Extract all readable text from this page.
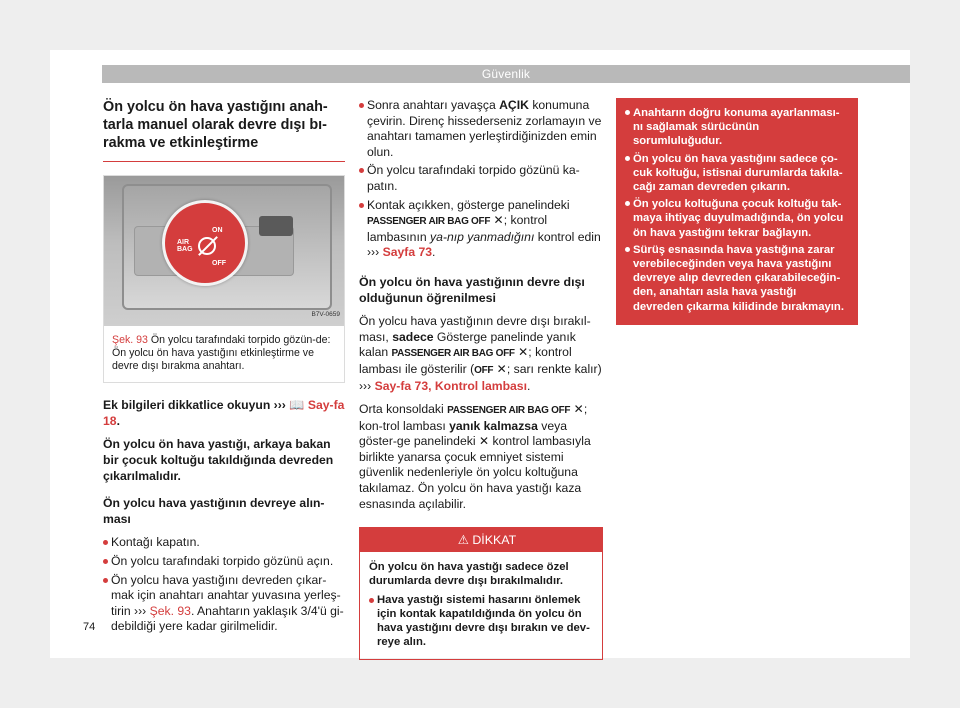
Güvenlik
Ön yolcu ön hava yastığını anah-tarla manuel olarak devre dışı bı-rakma ve etkinleştirme
ON
AIR BAG
OFF
B7V-0659
Şek. 93 Ön yolcu tarafındaki torpido gözün-de: Ön yolcu ön hava yastığını etkinleştirme ve devre dışı bırakma anahtarı.

Ek bilgileri dikkatlice okuyun ››› 📖 Say-fa 18.

Ön yolcu ön hava yastığı, arkaya bakan bir çocuk koltuğu takıldığında devreden çıkarılmalıdır.

Ön yolcu hava yastığının devreye alın-ması

Kontağı kapatın.
Ön yolcu tarafındaki torpido gözünü açın.
Ön yolcu hava yastığını devreden çıkar-mak için anahtarı anahtar yuvasına yerleş-tirin ››› Şek. 93. Anahtarın yaklaşık 3/4'ü gi-debildiği yere kadar girilmelidir.
Sonra anahtarı yavaşça AÇIK konumuna çevirin. Direnç hissederseniz zorlamayın ve anahtarı tamamen yerleştirdiğinizden emin olun.
Ön yolcu tarafındaki torpido gözünü ka-patın.
Kontak açıkken, gösterge panelindeki PASSENGER AIR BAG OFF ✕; kontrol lambasının ya-nıp yanmadığını kontrol edin ››› Sayfa 73.
Ön yolcu ön hava yastığının devre dışı olduğunun öğrenilmesi

Ön yolcu hava yastığının devre dışı bırakıl-ması, sadece Gösterge panelinde yanık kalan PASSENGER AIR BAG OFF ✕; kontrol lambası ile gösterilir (OFF ✕; sarı renkte kalır) ››› Say-fa 73, Kontrol lambası.

Orta konsoldaki PASSENGER AIR BAG OFF ✕; kon-trol lambası yanık kalmazsa veya göster-ge panelindeki ✕ kontrol lambasıyla birlikte yanarsa çocuk emniyet sistemi güvenlik nedenleriyle ön yolcu koltuğuna takılamaz. Ön yolcu ön hava yastığı kaza esnasında açılabilir.

⚠ DİKKAT

Ön yolcu ön hava yastığı sadece özel durumlarda devre dışı bırakılmalıdır.

Hava yastığı sistemi hasarını önlemek için kontak kapatıldığında ön yolcu ön hava yastığını devre dışı bırakın ve dev-reye alın.
Anahtarın doğru konuma ayarlanması-nı sağlamak sürücünün sorumluluğudur.
Ön yolcu ön hava yastığını sadece ço-cuk koltuğu, istisnai durumlarda takıla-cağı zaman devreden çıkarın.
Ön yolcu koltuğuna çocuk koltuğu tak-maya ihtiyaç duyulmadığında, ön yolcu ön hava yastığını tekrar bağlayın.
Sürüş esnasında hava yastığına zarar verebileceğinden veya hava yastığını devreye alıp devreden çıkarabileceğin-den, anahtarı asla hava yastığı devreden çıkarma kilidinde bırakmayın.
74
